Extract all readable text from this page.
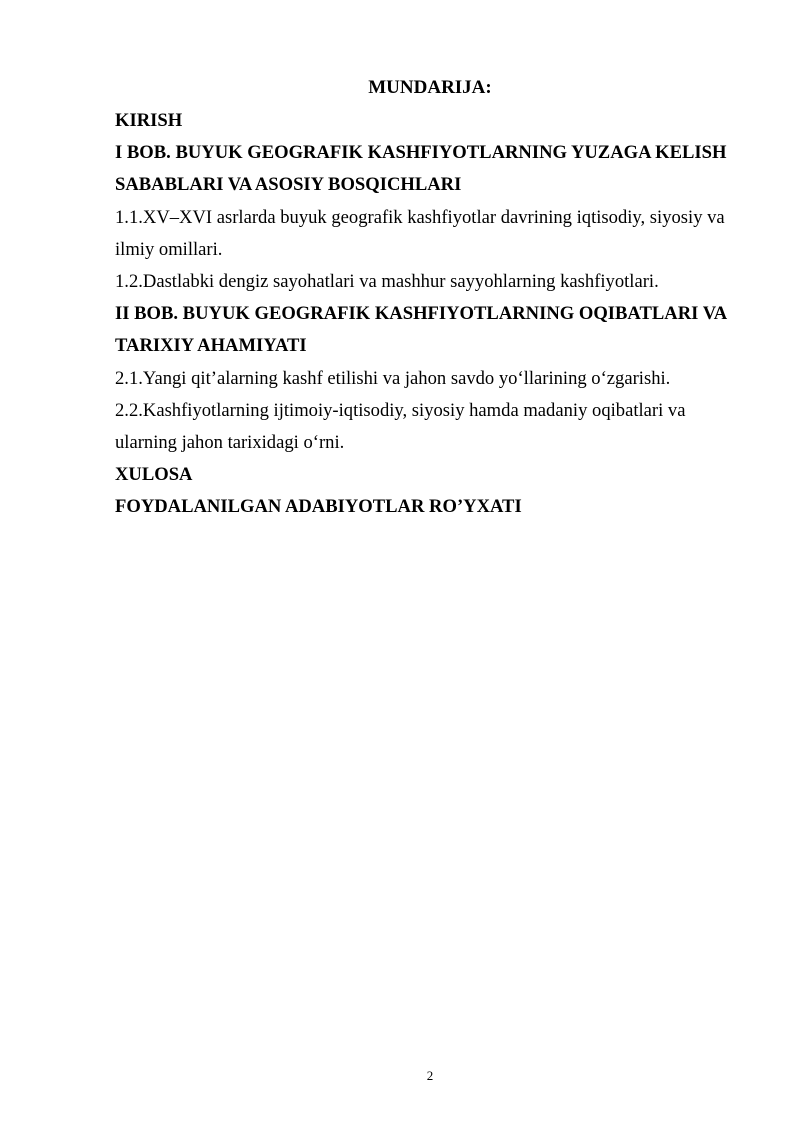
MUNDARIJA:

KIRISH

I BOB. BUYUK GEOGRAFIK KASHFIYOTLARNING YUZAGA KELISH

SABABLARI VA ASOSIY BOSQICHLARI

1.1.XV–XVI asrlarda buyuk geografik kashfiyotlar davrining iqtisodiy, siyosiy va

ilmiy omillari.

1.2.Dastlabki dengiz sayohatlari va mashhur sayyohlarning kashfiyotlari.

II BOB. BUYUK GEOGRAFIK KASHFIYOTLARNING OQIBATLARI VA

TARIXIY AHAMIYATI

2.1.Yangi qit’alarning kashf etilishi va jahon savdo yo‘llarining o‘zgarishi.

2.2.Kashfiyotlarning ijtimoiy-iqtisodiy, siyosiy hamda madaniy oqibatlari va

ularning jahon tarixidagi o‘rni.

XULOSA

FOYDALANILGAN ADABIYOTLAR RO’YXATI

2
